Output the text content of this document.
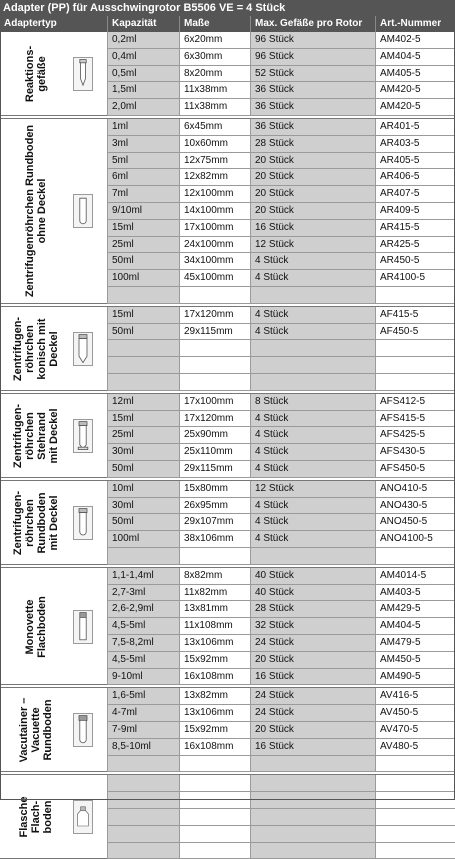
Adapter (PP) für Ausschwingrotor B5506 VE = 4 Stück
Adaptertyp	Kapazität	Maße	Max. Gefäße pro Rotor	Art.-Nummer
Reaktions-
gefäße
0,2ml	6x20mm	96 Stück	AM402-5
0,4ml	6x30mm	96 Stück	AM404-5
0,5ml	8x20mm	52 Stück	AM405-5
1,5ml	11x38mm	36 Stück	AM420-5
2,0ml	11x38mm	36 Stück	AM420-5
Zentrifugenröhrchen Rundboden
ohne Deckel
1ml	6x45mm	36 Stück	AR401-5
3ml	10x60mm	28 Stück	AR403-5
5ml	12x75mm	20 Stück	AR405-5
6ml	12x82mm	20 Stück	AR406-5
7ml	12x100mm	20 Stück	AR407-5
9/10ml	14x100mm	20 Stück	AR409-5
15ml	17x100mm	16 Stück	AR415-5
25ml	24x100mm	12 Stück	AR425-5
50ml	34x100mm	4 Stück	AR450-5
100ml	45x100mm	4 Stück	AR4100-5
Zentrifugen-
röhrchen
konisch mit
Deckel
15ml	17x120mm	4 Stück	AF415-5
50ml	29x115mm	4 Stück	AF450-5
Zentrifugen-
röhrchen
Stehrand
mit Deckel
12ml	17x100mm	8 Stück	AFS412-5
15ml	17x120mm	4 Stück	AFS415-5
25ml	25x90mm	4 Stück	AFS425-5
30ml	25x110mm	4 Stück	AFS430-5
50ml	29x115mm	4 Stück	AFS450-5
Zentrifugen-
röhrchen
Rundboden
mit Deckel
10ml	15x80mm	12 Stück	ANO410-5
30ml	26x95mm	4 Stück	ANO430-5
50ml	29x107mm	4 Stück	ANO450-5
100ml	38x106mm	4 Stück	ANO4100-5
Monovette
Flachboden
1,1-1,4ml	8x82mm	40 Stück	AM4014-5
2,7-3ml	11x82mm	40 Stück	AM403-5
2,6-2,9ml	13x81mm	28 Stück	AM429-5
4,5-5ml	11x108mm	32 Stück	AM404-5
7,5-8,2ml	13x106mm	24 Stück	AM479-5
4,5-5ml	15x92mm	20 Stück	AM450-5
9-10ml	16x108mm	16 Stück	AM490-5
Vacutainer –
Vacuette
Rundboden
1,6-5ml	13x82mm	24 Stück	AV416-5
4-7ml	13x106mm	24 Stück	AV450-5
7-9ml	15x92mm	20 Stück	AV470-5
8,5-10ml	16x108mm	16 Stück	AV480-5
Flasche
Flach-
boden
